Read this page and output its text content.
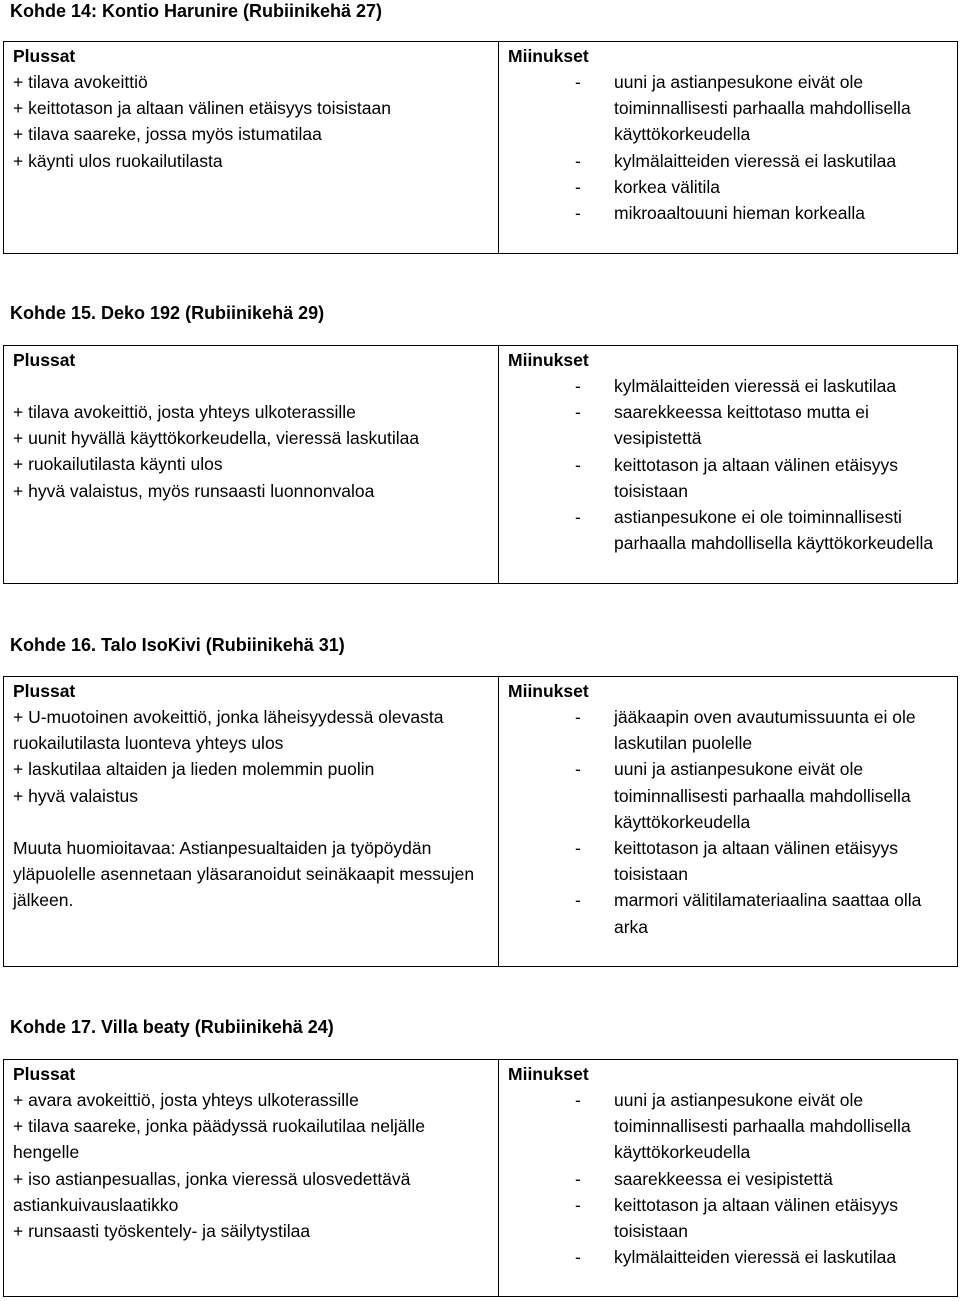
Kohde 14: Kontio Harunire (Rubiinikehä 27)
Plussat
+ tilava avokeittiö
+ keittotason ja altaan välinen etäisyys toisistaan
+ tilava saareke, jossa myös istumatilaa
+ käynti ulos ruokailutilasta

Miinukset
- uuni ja astianpesukone eivät ole toiminnallisesti parhaalla mahdollisella käyttökorkeudella
- kylmälaitteiden vieressä ei laskutilaa
- korkea välitila
- mikroaaltouuni hieman korkealla
Kohde 15. Deko 192 (Rubiinikehä 29)
Plussat
+ tilava avokeittiö, josta yhteys ulkoterassille
+ uunit hyvällä käyttökorkeudella, vieressä laskutilaa
+ ruokailutilasta käynti ulos
+ hyvä valaistus, myös runsaasti luonnonvaloa

Miinukset
- kylmälaitteiden vieressä ei laskutilaa
- saarekkeessa keittotaso mutta ei vesipistettä
- keittotason ja altaan välinen etäisyys toisistaan
- astianpesukone ei ole toiminnallisesti parhaalla mahdollisella käyttökorkeudella
Kohde 16. Talo IsoKivi (Rubiinikehä 31)
Plussat
+ U-muotoinen avokeittiö, jonka läheisyydessä olevasta ruokailutilasta luonteva yhteys ulos
+ laskutilaa altaiden ja lieden molemmin puolin
+ hyvä valaistus
Muuta huomioitavaa: Astianpesualtaiden ja työpöydän yläpuolelle asennetaan yläsaranoidut seinäkaapit messujen jälkeen.

Miinukset
- jääkaapin oven avautumissuunta ei ole laskutilan puolelle
- uuni ja astianpesukone eivät ole toiminnallisesti parhaalla mahdollisella käyttökorkeudella
- keittotason ja altaan välinen etäisyys toisistaan
- marmori välitilamateriaalina saattaa olla arka
Kohde 17. Villa beaty (Rubiinikehä 24)
Plussat
+ avara avokeittiö, josta yhteys ulkoterassille
+ tilava saareke, jonka päädyssä ruokailutilaa neljälle hengelle
+ iso astianpesuallas, jonka vieressä ulosvedettävä astiankuivauslaatikko
+ runsaasti työskentely- ja säilytystilaa

Miinukset
- uuni ja astianpesukone eivät ole toiminnallisesti parhaalla mahdollisella käyttökorkeudella
- saarekkeessa ei vesipistettä
- keittotason ja altaan välinen etäisyys toisistaan
- kylmälaitteiden vieressä ei laskutilaa
